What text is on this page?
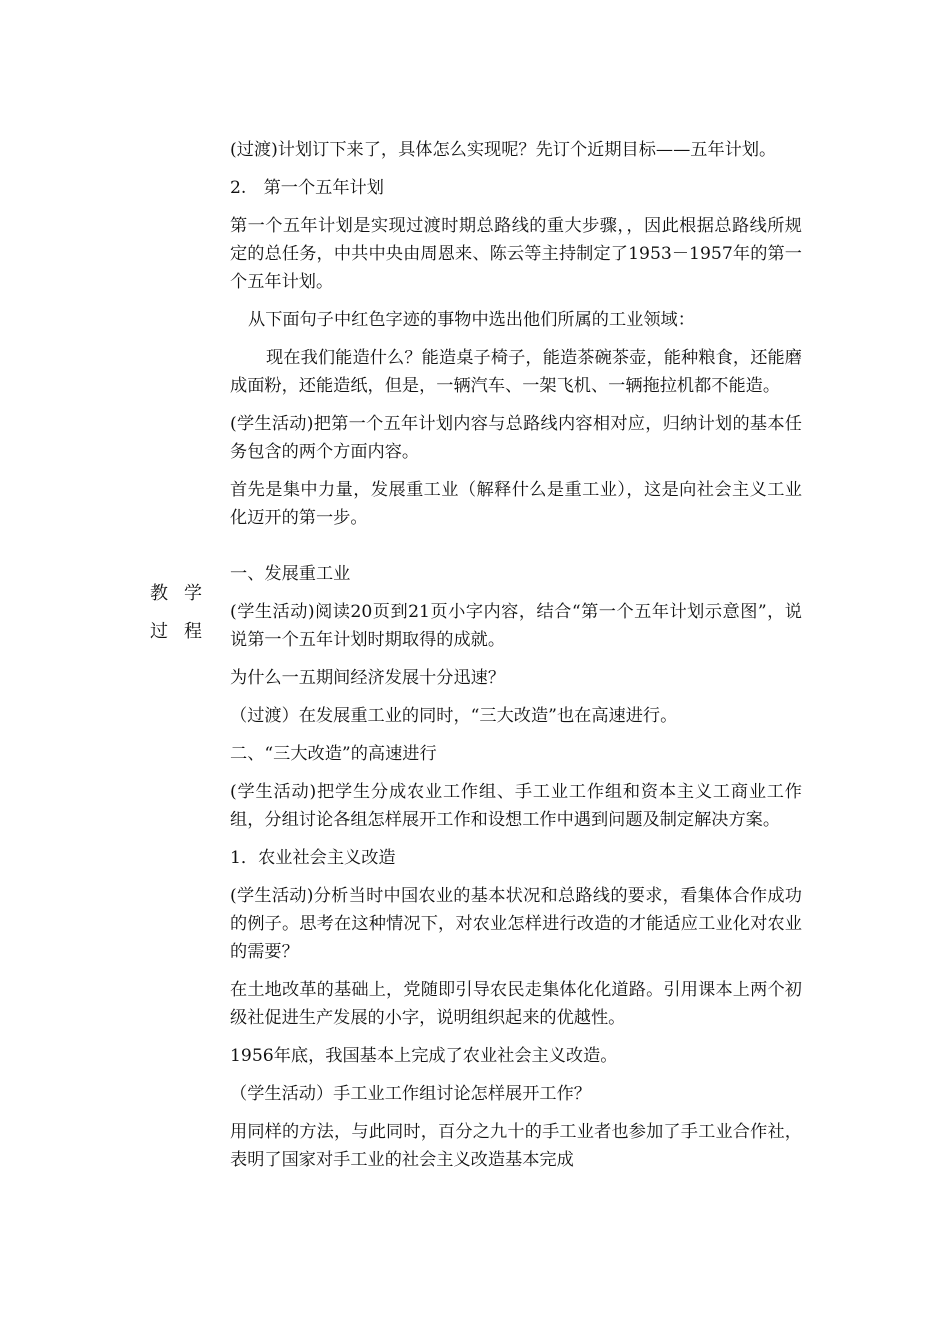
教学
过程

(过渡)计划订下来了，具体怎么实现呢？先订个近期目标——五年计划。

2.　第一个五年计划

第一个五年计划是实现过渡时期总路线的重大步骤，，因此根据总路线所规定的总任务，中共中央由周恩来、陈云等主持制定了1953－1957年的第一个五年计划。

从下面句子中红色字迹的事物中选出他们所属的工业领域：

现在我们能造什么？能造桌子椅子，能造茶碗茶壶，能种粮食，还能磨成面粉，还能造纸，但是，一辆汽车、一架飞机、一辆拖拉机都不能造。

(学生活动)把第一个五年计划内容与总路线内容相对应，归纳计划的基本任务包含的两个方面内容。

首先是集中力量，发展重工业（解释什么是重工业），这是向社会主义工业化迈开的第一步。

一、发展重工业

(学生活动)阅读20页到21页小字内容，结合“第一个五年计划示意图”，说说第一个五年计划时期取得的成就。

为什么一五期间经济发展十分迅速？

（过渡）在发展重工业的同时，“三大改造”也在高速进行。

二、“三大改造”的高速进行

(学生活动)把学生分成农业工作组、手工业工作组和资本主义工商业工作组，分组讨论各组怎样展开工作和设想工作中遇到问题及制定解决方案。

1．农业社会主义改造

(学生活动)分析当时中国农业的基本状况和总路线的要求，看集体合作成功的例子。思考在这种情况下，对农业怎样进行改造的才能适应工业化对农业的需要？

在土地改革的基础上，党随即引导农民走集体化化道路。引用课本上两个初级社促进生产发展的小字，说明组织起来的优越性。

1956年底，我国基本上完成了农业社会主义改造。

（学生活动）手工业工作组讨论怎样展开工作？

用同样的方法，与此同时，百分之九十的手工业者也参加了手工业合作社，表明了国家对手工业的社会主义改造基本完成
